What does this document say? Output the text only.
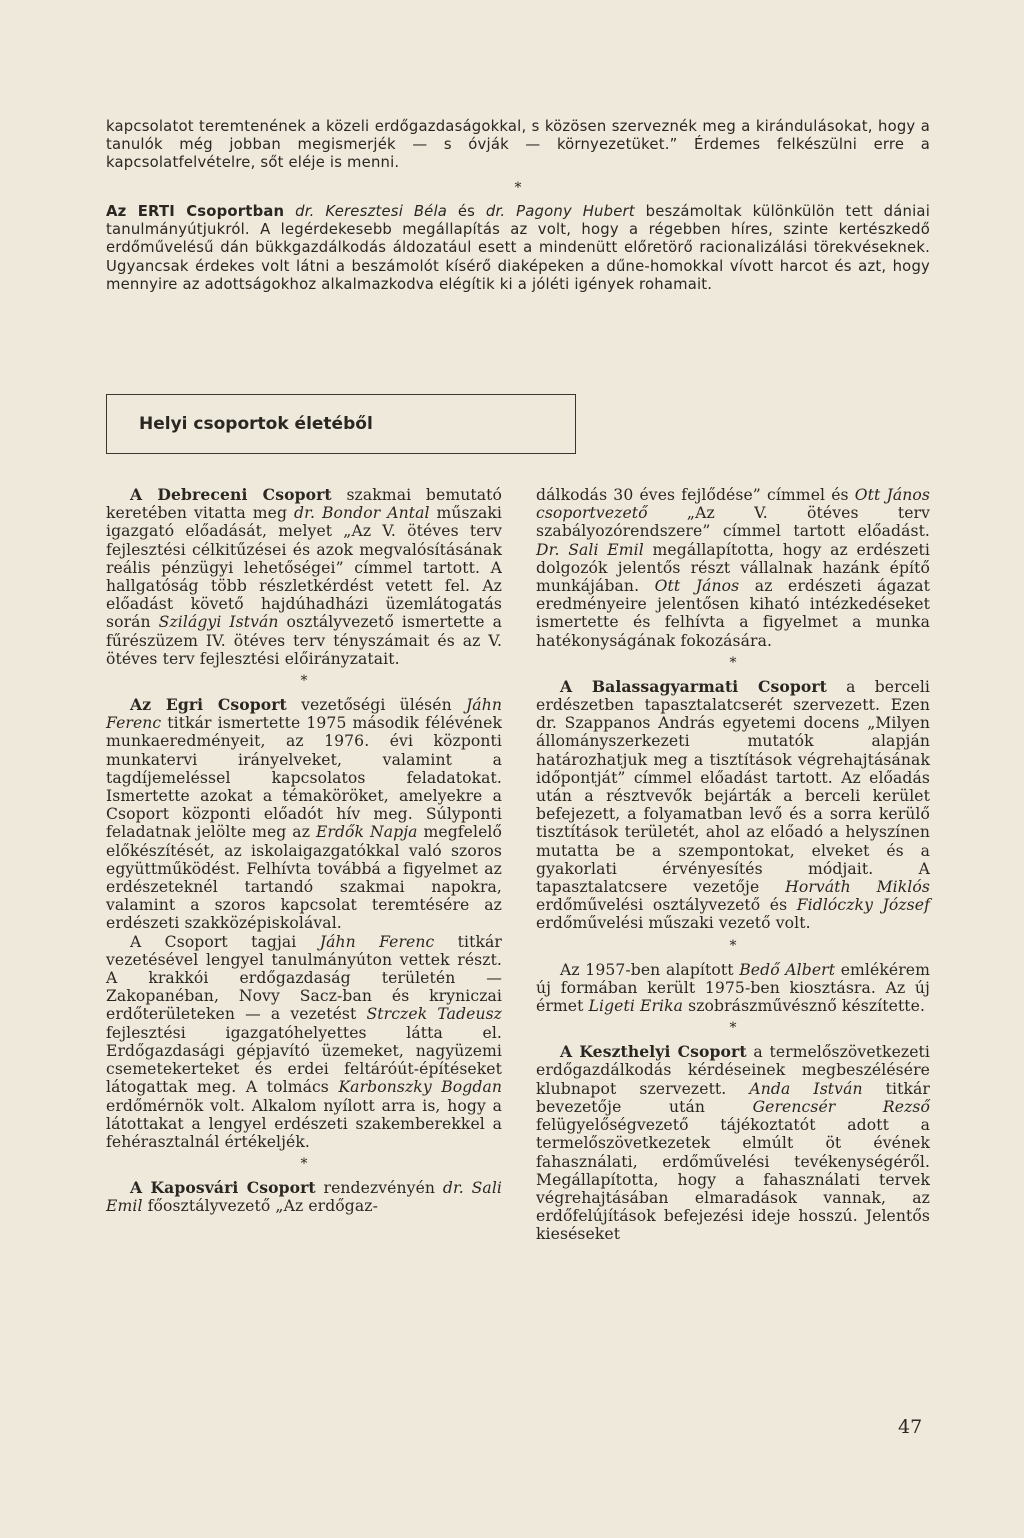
kapcsolatot teremtenének a közeli erdőgazdaságokkal, s közösen szerveznék meg a kirándulásokat, hogy a tanulók még jobban megismerjék — s óvják — környezetüket.” Érdemes felkészülni erre a kapcsolatfelvételre, sőt eléje is menni.

*

Az ERTI Csoportban dr. Keresztesi Béla és dr. Pagony Hubert beszámoltak különkülön tett dániai tanulmányútjukról. A legérdekesebb megállapítás az volt, hogy a régebben híres, szinte kertészkedő erdőművelésű dán bükkgazdálkodás áldozatául esett a mindenütt előretörő racionalizálási törekvéseknek. Ugyancsak érdekes volt látni a beszámolót kísérő diaképeken a dűne-homokkal vívott harcot és azt, hogy mennyire az adottságokhoz alkalmazkodva elégítik ki a jóléti igények rohamait.

Helyi csoportok életéből

A Debreceni Csoport szakmai bemutató keretében vitatta meg dr. Bondor Antal műszaki igazgató előadását, melyet „Az V. ötéves terv fejlesztési célkitűzései és azok megvalósításának reális pénzügyi lehetőségei” címmel tartott. A hallgatóság több részletkérdést vetett fel. Az előadást követő hajdúhadházi üzemlátogatás során Szilágyi István osztályvezető ismertette a fűrészüzem IV. ötéves terv tényszámait és az V. ötéves terv fejlesztési előirányzatait.

*

Az Egri Csoport vezetőségi ülésén Jáhn Ferenc titkár ismertette 1975 második félévének munkaeredményeit, az 1976. évi központi munkatervi irányelveket, valamint a tagdíjemeléssel kapcsolatos feladatokat. Ismertette azokat a témaköröket, amelyekre a Csoport központi előadót hív meg. Súlyponti feladatnak jelölte meg az Erdők Napja megfelelő előkészítését, az iskolaigazgatókkal való szoros együttműködést. Felhívta továbbá a figyelmet az erdészeteknél tartandó szakmai napokra, valamint a szoros kapcsolat teremtésére az erdészeti szakközépiskolával.

A Csoport tagjai Jáhn Ferenc titkár vezetésével lengyel tanulmányúton vettek részt. A krakkói erdőgazdaság területén — Zakopanéban, Novy Sacz-ban és kryniczai erdőterületeken — a vezetést Strczek Tadeusz fejlesztési igazgatóhelyettes látta el. Erdőgazdasági gépjavító üzemeket, nagyüzemi csemetekerteket és erdei feltáróút-építéseket látogattak meg. A tolmács Karbonszky Bogdan erdőmérnök volt. Alkalom nyílott arra is, hogy a látottakat a lengyel erdészeti szakemberekkel a fehérasztalnál értékeljék.

*

A Kaposvári Csoport rendezvényén dr. Sali Emil főosztályvezető „Az erdőgaz-

dálkodás 30 éves fejlődése” címmel és Ott János csoportvezető „Az V. ötéves terv szabályozórendszere” címmel tartott előadást. Dr. Sali Emil megállapította, hogy az erdészeti dolgozók jelentős részt vállalnak hazánk építő munkájában. Ott János az erdészeti ágazat eredményeire jelentősen kiható intézkedéseket ismertette és felhívta a figyelmet a munka hatékonyságának fokozására.

*

A Balassagyarmati Csoport a berceli erdészetben tapasztalatcserét szervezett. Ezen dr. Szappanos András egyetemi docens „Milyen állományszerkezeti mutatók alapján határozhatjuk meg a tisztítások végrehajtásának időpontját” címmel előadást tartott. Az előadás után a résztvevők bejárták a berceli kerület befejezett, a folyamatban levő és a sorra kerülő tisztítások területét, ahol az előadó a helyszínen mutatta be a szempontokat, elveket és a gyakorlati érvényesítés módjait. A tapasztalatcsere vezetője Horváth Miklós erdőművelési osztályvezető és Fidlóczky József erdőművelési műszaki vezető volt.

*

Az 1957-ben alapított Bedő Albert emlékérem új formában került 1975-ben kiosztásra. Az új érmet Ligeti Erika szobrászművésznő készítette.

*

A Keszthelyi Csoport a termelőszövetkezeti erdőgazdálkodás kérdéseinek megbeszélésére klubnapot szervezett. Anda István titkár bevezetője után Gerencsér Rezső felügyelőségvezető tájékoztatót adott a termelőszövetkezetek elmúlt öt évének fahasználati, erdőművelési tevékenységéről. Megállapította, hogy a fahasználati tervek végrehajtásában elmaradások vannak, az erdőfelújítások befejezési ideje hosszú. Jelentős kieséseket

47
